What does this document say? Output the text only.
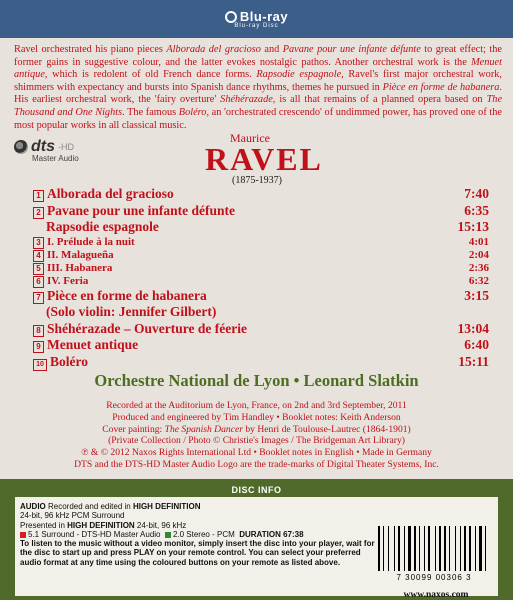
Blu-ray
Blu-ray Disc
Ravel orchestrated his piano pieces Alborada del gracioso and Pavane pour une infante défunte to great effect; the former gains in suggestive colour, and the latter evokes nostalgic pathos. Another orchestral work is the Menuet antique, which is redolent of old French dance forms. Rapsodie espagnole, Ravel's first major orchestral work, shimmers with expectancy and bursts into Spanish dance rhythms, themes he pursued in Pièce en forme de habanera. His earliest orchestral work, the 'fairy overture' Shéhérazade, is all that remains of a planned opera based on The Thousand and One Nights. The famous Boléro, an 'orchestrated crescendo' of undimmed power, has proved one of the most popular works in all classical music.
dts -HD
Master Audio
Maurice
RAVEL
(1875-1937)
1 Alborada del gracioso	7:40
2 Pavane pour une infante défunte	6:35
Rapsodie espagnole	15:13
3 I. Prélude à la nuit	4:01
4 II. Malagueña	2:04
5 III. Habanera	2:36
6 IV. Feria	6:32
7 Pièce en forme de habanera	3:15
(Solo violin: Jennifer Gilbert)
8 Shéhérazade – Ouverture de féerie	13:04
9 Menuet antique	6:40
10 Boléro	15:11
Orchestre National de Lyon • Leonard Slatkin
Recorded at the Auditorium de Lyon, France, on 2nd and 3rd September, 2011
Produced and engineered by Tim Handley • Booklet notes: Keith Anderson
Cover painting: The Spanish Dancer by Henri de Toulouse-Lautrec (1864-1901)
(Private Collection / Photo © Christie's Images / The Bridgeman Art Library)
℗ & © 2012 Naxos Rights International Ltd • Booklet notes in English • Made in Germany
DTS and the DTS-HD Master Audio Logo are the trade-marks of Digital Theater Systems, Inc.
DISC INFO
AUDIO Recorded and edited in HIGH DEFINITION
24-bit, 96 kHz PCM Surround
Presented in HIGH DEFINITION 24-bit, 96 kHz
5.1 Surround - DTS-HD Master Audio 2.0 Stereo - PCM DURATION 67:38
To listen to the music without a video monitor, simply insert the disc into your player, wait for the disc to start up and press PLAY on your remote control. You can select your preferred audio format at any time using the coloured buttons on your remote as listed above.
7 30099 00306 3
www.naxos.com
